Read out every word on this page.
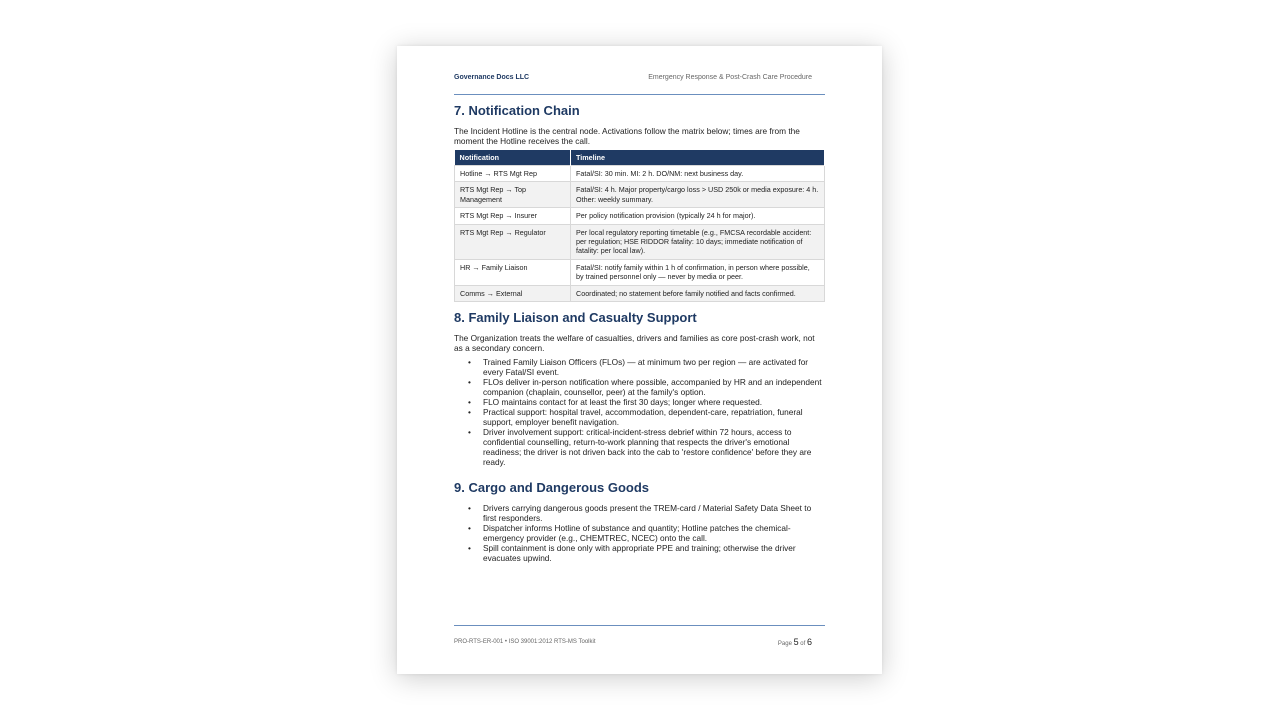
Governance Docs LLC	Emergency Response & Post-Crash Care Procedure
7. Notification Chain

The Incident Hotline is the central node. Activations follow the matrix below; times are from the moment the Hotline receives the call.

Notification	Timeline
Hotline → RTS Mgt Rep	Fatal/SI: 30 min. MI: 2 h. DO/NM: next business day.
RTS Mgt Rep → Top Management	Fatal/SI: 4 h. Major property/cargo loss > USD 250k or media exposure: 4 h. Other: weekly summary.
RTS Mgt Rep → Insurer	Per policy notification provision (typically 24 h for major).
RTS Mgt Rep → Regulator	Per local regulatory reporting timetable (e.g., FMCSA recordable accident: per regulation; HSE RIDDOR fatality: 10 days; immediate notification of fatality: per local law).
HR → Family Liaison	Fatal/SI: notify family within 1 h of confirmation, in person where possible, by trained personnel only — never by media or peer.
Comms → External	Coordinated; no statement before family notified and facts confirmed.
8. Family Liaison and Casualty Support

The Organization treats the welfare of casualties, drivers and families as core post-crash work, not as a secondary concern.

• Trained Family Liaison Officers (FLOs) — at minimum two per region — are activated for every Fatal/SI event.
• FLOs deliver in-person notification where possible, accompanied by HR and an independent companion (chaplain, counsellor, peer) at the family's option.
• FLO maintains contact for at least the first 30 days; longer where requested.
• Practical support: hospital travel, accommodation, dependent-care, repatriation, funeral support, employer benefit navigation.
• Driver involvement support: critical-incident-stress debrief within 72 hours, access to confidential counselling, return-to-work planning that respects the driver's emotional readiness; the driver is not driven back into the cab to 'restore confidence' before they are ready.
9. Cargo and Dangerous Goods
• Drivers carrying dangerous goods present the TREM-card / Material Safety Data Sheet to first responders.
• Dispatcher informs Hotline of substance and quantity; Hotline patches the chemical-emergency provider (e.g., CHEMTREC, NCEC) onto the call.
• Spill containment is done only with appropriate PPE and training; otherwise the driver evacuates upwind.
PRO-RTS-ER-001 • ISO 39001:2012 RTS-MS Toolkit	Page 5 of 6
